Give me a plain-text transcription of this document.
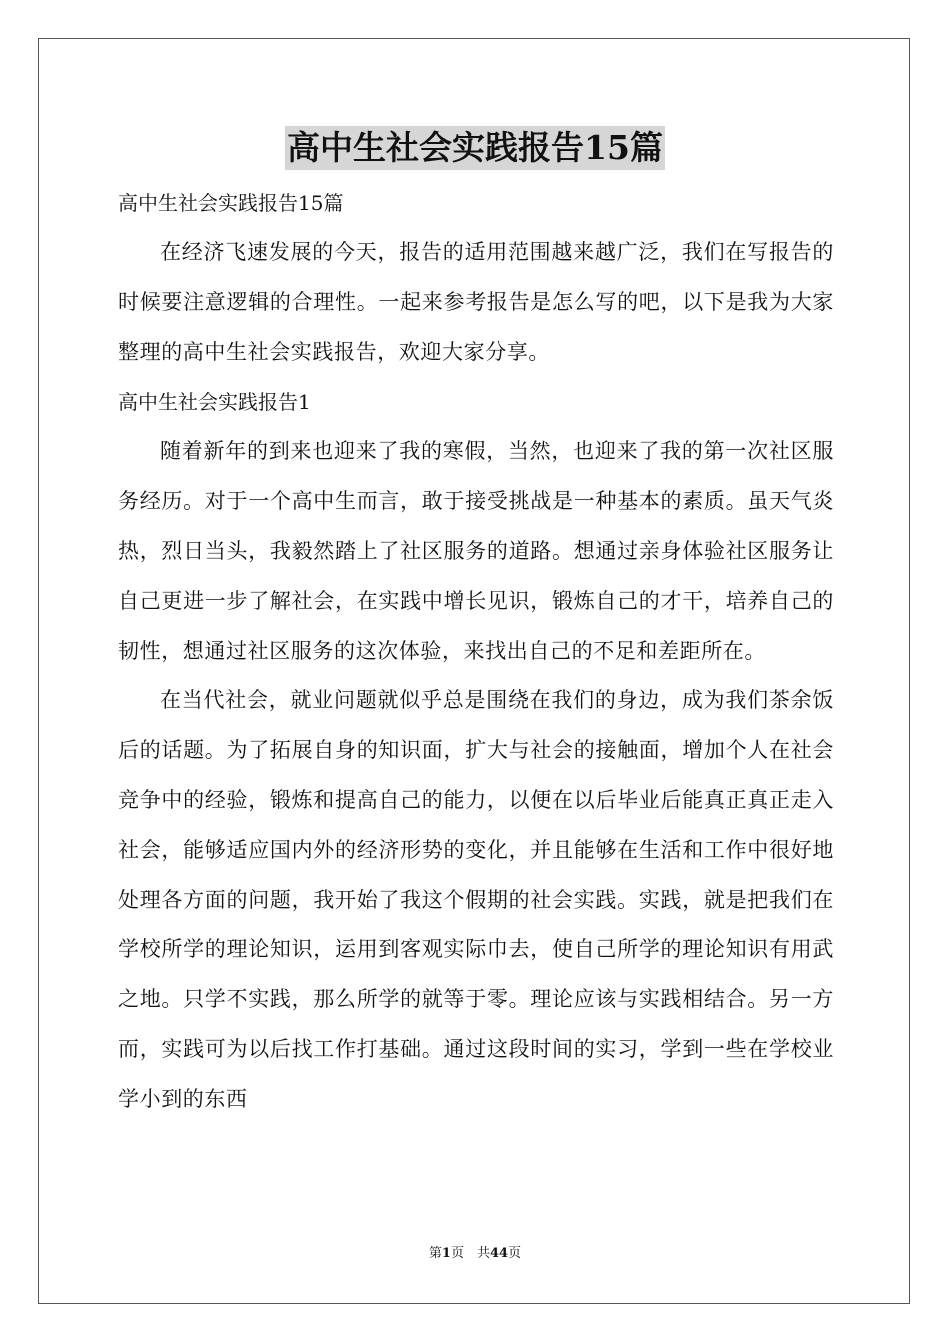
高中生社会实践报告15篇

高中生社会实践报告15篇

在经济飞速发展的今天，报告的适用范围越来越广泛，我们在写报告的时候要注意逻辑的合理性。一起来参考报告是怎么写的吧，以下是我为大家整理的高中生社会实践报告，欢迎大家分享。

高中生社会实践报告1

随着新年的到来也迎来了我的寒假，当然，也迎来了我的第一次社区服务经历。对于一个高中生而言，敢于接受挑战是一种基本的素质。虽天气炎热，烈日当头，我毅然踏上了社区服务的道路。想通过亲身体验社区服务让自己更进一步了解社会，在实践中增长见识，锻炼自己的才干，培养自己的韧性，想通过社区服务的这次体验，来找出自己的不足和差距所在。

在当代社会，就业问题就似乎总是围绕在我们的身边，成为我们茶余饭后的话题。为了拓展自身的知识面，扩大与社会的接触面，增加个人在社会竞争中的经验，锻炼和提高自己的能力，以便在以后毕业后能真正真正走入社会，能够适应国内外的经济形势的变化，并且能够在生活和工作中很好地处理各方面的问题，我开始了我这个假期的社会实践。实践，就是把我们在学校所学的理论知识，运用到客观实际巾去，使自己所学的理论知识有用武之地。只学不实践，那么所学的就等于零。理论应该与实践相结合。另一方而，实践可为以后找工作打基础。通过这段时间的实习，学到一些在学校业学小到的东西

第1页　共44页
